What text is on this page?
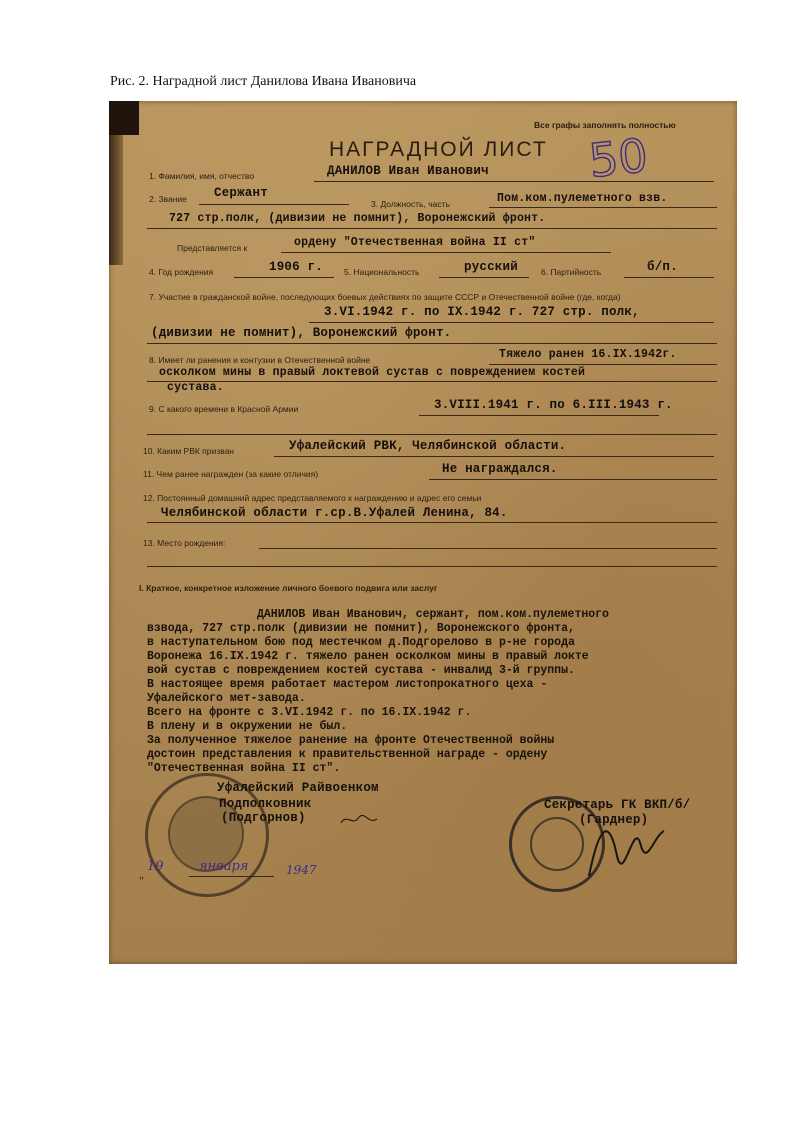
Рис. 2. Наградной лист Данилова Ивана Ивановича
Все графы заполнять полностью
НАГРАДНОЙ ЛИСТ 50
1. Фамилия, имя, отчество	ДАНИЛОВ Иван Иванович
2. Звание Сержант
3. Должность, часть	Пом.ком.пулеметного взв.
727 стр.полк, (дивизии не помнит), Воронежский фронт.
Представляется к	ордену "Отечественная война II ст"
4. Год рождения	1906 г. 5. Национальность	русский	6. Партийность	б/п.
7. Участие в гражданской войне, последующих боевых действиях по защите СССР и Отечественной войне (где, когда)
3.VI.1942 г. по IX.1942 г. 727 стр. полк,
(дивизии не помнит), Воронежский фронт.
8. Имеет ли ранения и контузии в Отечественной войне	Тяжело ранен 16.IX.1942г.
осколком мины в правый локтевой сустав с повреждением костей
сустава.
9. С какого времени в Красной Армии	3.VIII.1941 г. по 6.III.1943 г.
10. Каким РВК призван	Уфалейский РВК, Челябинской области.
11. Чем ранее награжден (за какие отличия)	Не награждался.
12. Постоянный домашний адрес представляемого к награждению и адрес его семьи
Челябинской области г.ср.В.Уфалей Ленина, 84.
13. Место рождения:
I. Краткое, конкретное изложение личного боевого подвига или заслуг
ДАНИЛОВ Иван Иванович, сержант, пом.ком.пулеметного
взвода, 727 стр.полк (дивизии не помнит), Воронежского фронта,
в наступательном бою под местечком д.Подгорелово в р-не города
Воронежа 16.IX.1942 г. тяжело ранен осколком мины в правый локте
вой сустав с повреждением костей сустава - инвалид 3-й группы.
В настоящее время работает мастером листопрокатного цеха -
Уфалейского мет-завода.
Всего на фронте с 3.VI.1942 г. по 16.IX.1942 г.
В плену и в окружении не был.
За полученное тяжелое ранение на фронте Отечественной войны
достоин представления к правительственной награде - ордену
"Отечественная война II ст".
Уфалейский Райвоенком
Подполковник
(Подгорнов)
Секретарь ГК ВКП/б/
(Гарднер)
„
19	января	1947
